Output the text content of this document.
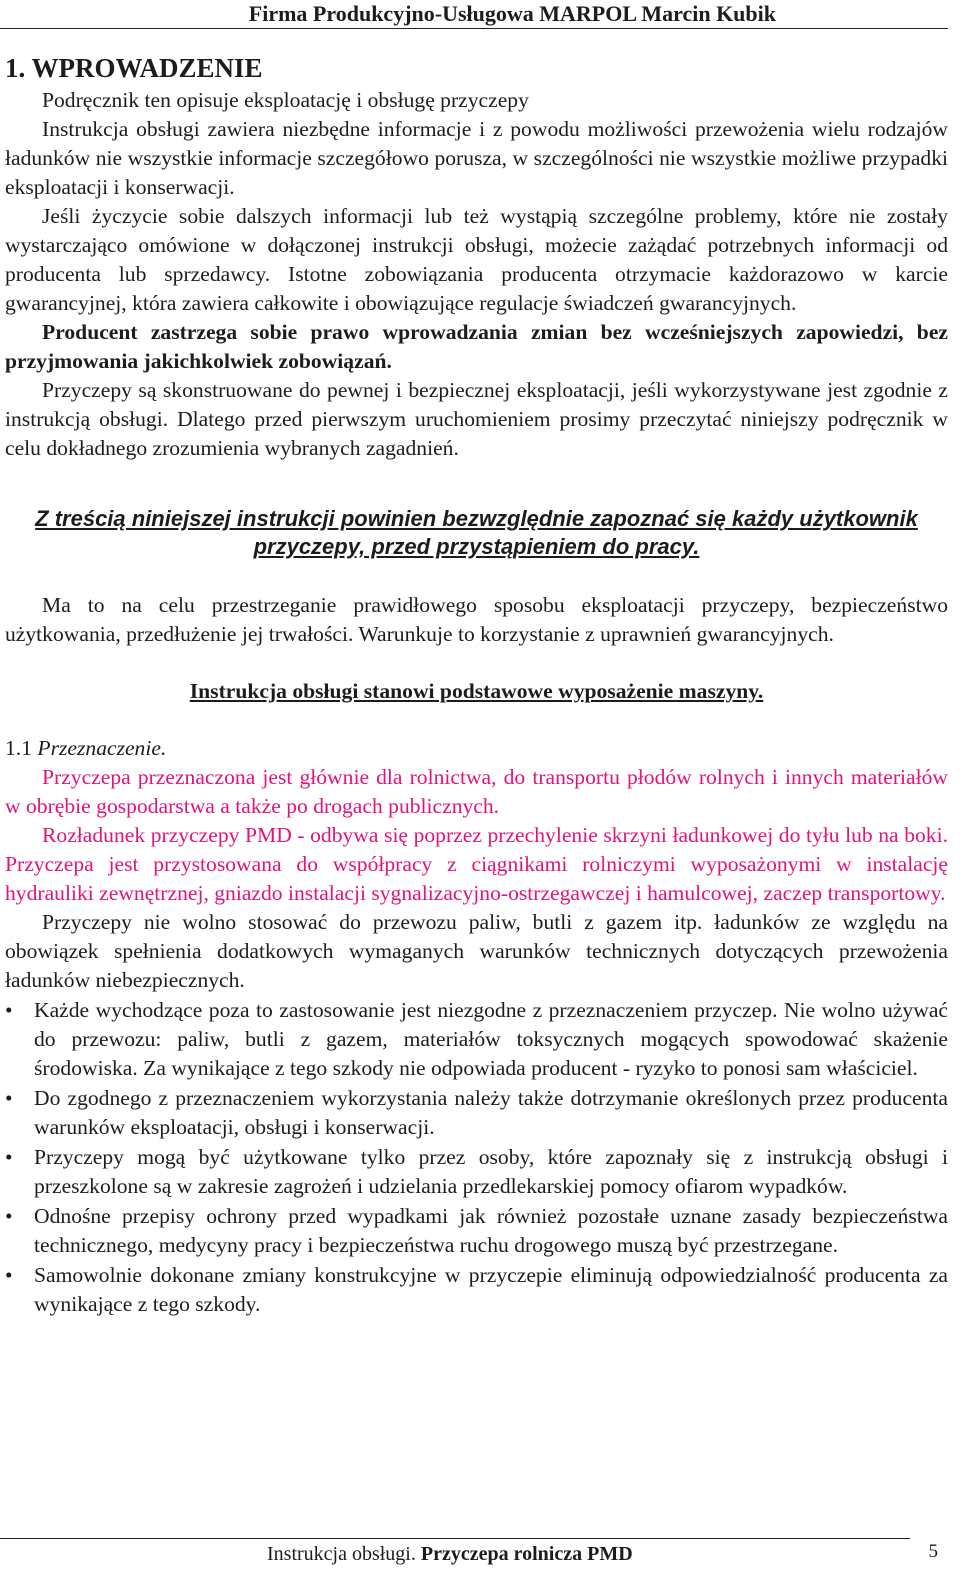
Firma Produkcyjno-Usługowa MARPOL Marcin Kubik
1. WPROWADZENIE

Podręcznik ten opisuje eksploatację i obsługę przyczepy

Instrukcja obsługi zawiera niezbędne informacje i z powodu możliwości przewożenia wielu rodzajów ładunków nie wszystkie informacje szczegółowo porusza, w szczególności nie wszystkie możliwe przypadki eksploatacji i konserwacji.

Jeśli życzycie sobie dalszych informacji lub też wystąpią szczególne problemy, które nie zostały wystarczająco omówione w dołączonej instrukcji obsługi, możecie zażądać potrzebnych informacji od producenta lub sprzedawcy. Istotne zobowiązania producenta otrzymacie każdorazowo w karcie gwarancyjnej, która zawiera całkowite i obowiązujące regulacje świadczeń gwarancyjnych.

Producent zastrzega sobie prawo wprowadzania zmian bez wcześniejszych zapowiedzi, bez przyjmowania jakichkolwiek zobowiązań.

Przyczepy są skonstruowane do pewnej i bezpiecznej eksploatacji, jeśli wykorzystywane jest zgodnie z instrukcją obsługi. Dlatego przed pierwszym uruchomieniem prosimy przeczytać niniejszy podręcznik w celu dokładnego zrozumienia wybranych zagadnień.

Z treścią niniejszej instrukcji powinien bezwzględnie zapoznać się każdy użytkownik przyczepy, przed przystąpieniem do pracy.

Ma to na celu przestrzeganie prawidłowego sposobu eksploatacji przyczepy, bezpieczeństwo użytkowania, przedłużenie jej trwałości. Warunkuje to korzystanie z uprawnień gwarancyjnych.

Instrukcja obsługi stanowi podstawowe wyposażenie maszyny.

1.1 Przeznaczenie.

Przyczepa przeznaczona jest głównie dla rolnictwa, do transportu płodów rolnych i innych materiałów w obrębie gospodarstwa a także po drogach publicznych.

Rozładunek przyczepy PMD - odbywa się poprzez przechylenie skrzyni ładunkowej do tyłu lub na boki. Przyczepa jest przystosowana do współpracy z ciągnikami rolniczymi wyposażonymi w instalację hydrauliki zewnętrznej, gniazdo instalacji sygnalizacyjno-ostrzegawczej i hamulcowej, zaczep transportowy.

Przyczepy nie wolno stosować do przewozu paliw, butli z gazem itp. ładunków ze względu na obowiązek spełnienia dodatkowych wymaganych warunków technicznych dotyczących przewożenia ładunków niebezpiecznych.

• Każde wychodzące poza to zastosowanie jest niezgodne z przeznaczeniem przyczep. Nie wolno używać do przewozu: paliw, butli z gazem, materiałów toksycznych mogących spowodować skażenie środowiska. Za wynikające z tego szkody nie odpowiada producent - ryzyko to ponosi sam właściciel.
• Do zgodnego z przeznaczeniem wykorzystania należy także dotrzymanie określonych przez producenta warunków eksploatacji, obsługi i konserwacji.
• Przyczepy mogą być użytkowane tylko przez osoby, które zapoznały się z instrukcją obsługi i przeszkolone są w zakresie zagrożeń i udzielania przedlekarskiej pomocy ofiarom wypadków.
• Odnośne przepisy ochrony przed wypadkami jak również pozostałe uznane zasady bezpieczeństwa technicznego, medycyny pracy i bezpieczeństwa ruchu drogowego muszą być przestrzegane.
• Samowolnie dokonane zmiany konstrukcyjne w przyczepie eliminują odpowiedzialność producenta za wynikające z tego szkody.
Instrukcja obsługi. Przyczepa rolnicza PMD	5
